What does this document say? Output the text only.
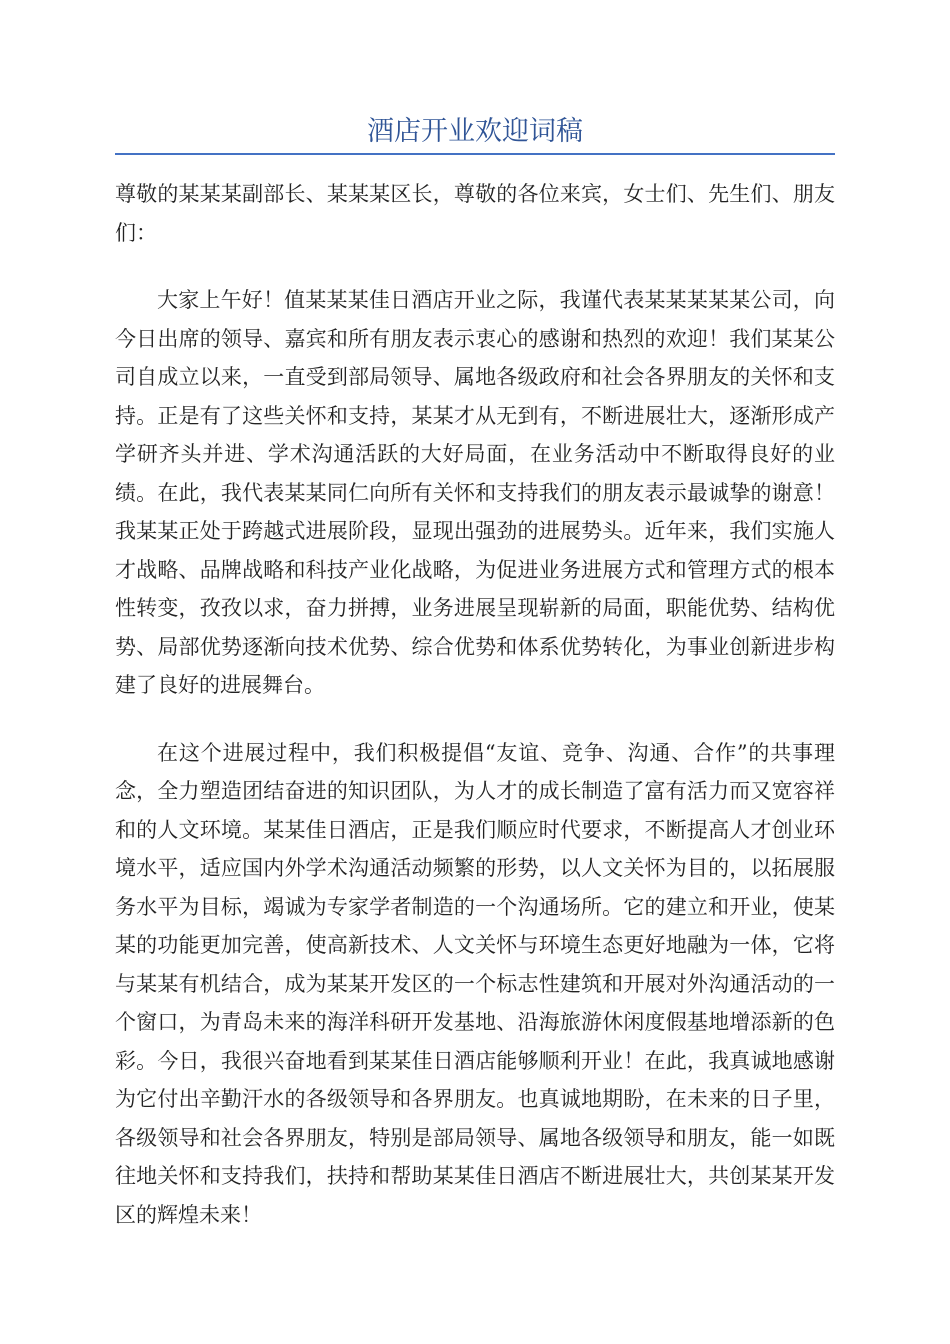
酒店开业欢迎词稿

尊敬的某某某副部长、某某某区长，尊敬的各位来宾，女士们、先生们、朋友们：

大家上午好！值某某某佳日酒店开业之际，我谨代表某某某某某公司，向今日出席的领导、嘉宾和所有朋友表示衷心的感谢和热烈的欢迎！我们某某公司自成立以来，一直受到部局领导、属地各级政府和社会各界朋友的关怀和支持。正是有了这些关怀和支持，某某才从无到有，不断进展壮大，逐渐形成产学研齐头并进、学术沟通活跃的大好局面，在业务活动中不断取得良好的业绩。在此，我代表某某同仁向所有关怀和支持我们的朋友表示最诚挚的谢意！我某某正处于跨越式进展阶段，显现出强劲的进展势头。近年来，我们实施人才战略、品牌战略和科技产业化战略，为促进业务进展方式和管理方式的根本性转变，孜孜以求，奋力拼搏，业务进展呈现崭新的局面，职能优势、结构优势、局部优势逐渐向技术优势、综合优势和体系优势转化，为事业创新进步构建了良好的进展舞台。

在这个进展过程中，我们积极提倡“友谊、竞争、沟通、合作”的共事理念，全力塑造团结奋进的知识团队，为人才的成长制造了富有活力而又宽容祥和的人文环境。某某佳日酒店，正是我们顺应时代要求，不断提高人才创业环境水平，适应国内外学术沟通活动频繁的形势，以人文关怀为目的，以拓展服务水平为目标，竭诚为专家学者制造的一个沟通场所。它的建立和开业，使某某的功能更加完善，使高新技术、人文关怀与环境生态更好地融为一体，它将与某某有机结合，成为某某开发区的一个标志性建筑和开展对外沟通活动的一个窗口，为青岛未来的海洋科研开发基地、沿海旅游休闲度假基地增添新的色彩。今日，我很兴奋地看到某某佳日酒店能够顺利开业！在此，我真诚地感谢为它付出辛勤汗水的各级领导和各界朋友。也真诚地期盼，在未来的日子里，各级领导和社会各界朋友，特别是部局领导、属地各级领导和朋友，能一如既往地关怀和支持我们，扶持和帮助某某佳日酒店不断进展壮大，共创某某开发区的辉煌未来！
